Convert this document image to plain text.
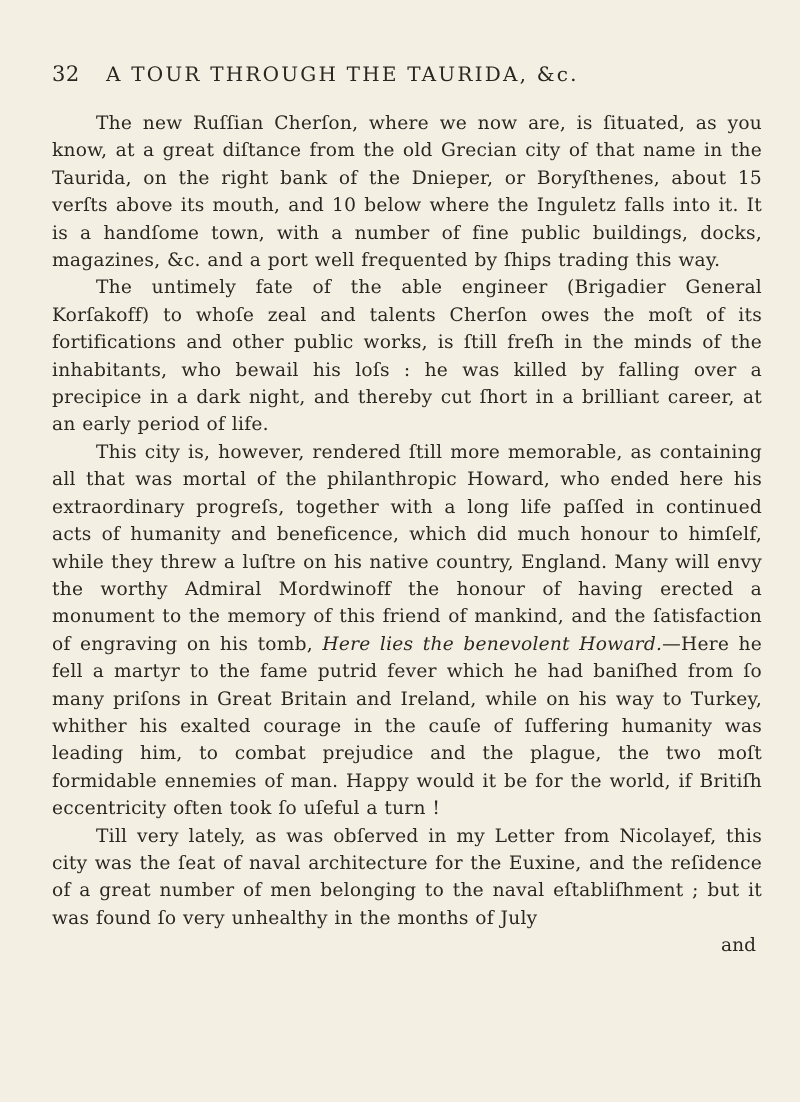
32 A TOUR THROUGH THE TAURIDA, &c.

The new Ruſſian Cherſon, where we now are, is ſituated, as you know, at a great diſtance from the old Grecian city of that name in the Taurida, on the right bank of the Dnieper, or Boryſthenes, about 15 verſts above its mouth, and 10 below where the Inguletz falls into it. It is a handſome town, with a number of fine public buildings, docks, magazines, &c. and a port well frequented by ſhips trading this way.

The untimely fate of the able engineer (Brigadier General Korſakoff) to whoſe zeal and talents Cherſon owes the moſt of its fortifications and other public works, is ſtill freſh in the minds of the inhabitants, who bewail his loſs : he was killed by falling over a precipice in a dark night, and thereby cut ſhort in a brilliant career, at an early period of life.

This city is, however, rendered ſtill more memorable, as containing all that was mortal of the philanthropic Howard, who ended here his extraordinary progreſs, together with a long life paſſed in continued acts of humanity and beneficence, which did much honour to himſelf, while they threw a luſtre on his native country, England. Many will envy the worthy Admiral Mordwinoff the honour of having erected a monument to the memory of this friend of mankind, and the ſatisfaction of engraving on his tomb, Here lies the benevolent Howard.—Here he fell a martyr to the fame putrid fever which he had baniſhed from ſo many priſons in Great Britain and Ireland, while on his way to Turkey, whither his exalted courage in the cauſe of ſuffering humanity was leading him, to combat prejudice and the plague, the two moſt formidable ennemies of man. Happy would it be for the world, if Britiſh eccentricity often took ſo uſeful a turn !

Till very lately, as was obſerved in my Letter from Nicolayef, this city was the ſeat of naval architecture for the Euxine, and the reſidence of a great number of men belonging to the naval eſtabliſhment ; but it was found ſo very unhealthy in the months of July

and
